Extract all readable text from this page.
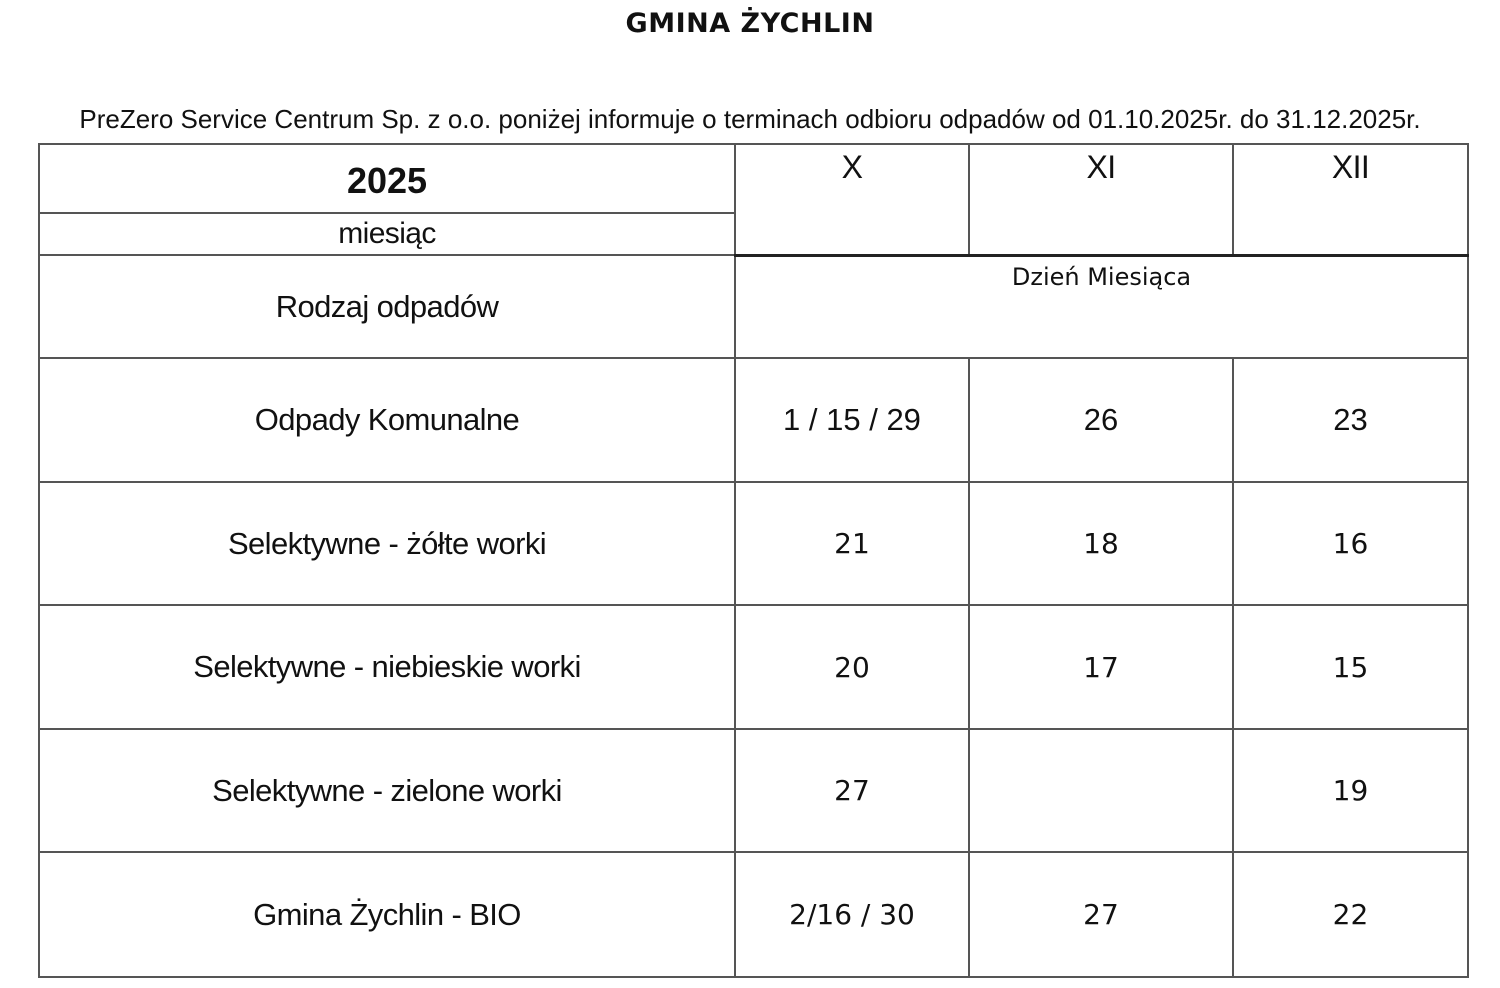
GMINA ŻYCHLIN
PreZero Service Centrum Sp. z o.o. poniżej informuje o terminach odbioru odpadów od 01.10.2025r. do 31.12.2025r.
2025	X	XI	XII
miesiąc			
Rodzaj odpadów	Dzień Miesiąca		
Odpady Komunalne	1 / 15 / 29	26	23
Selektywne - żółte worki	21	18	16
Selektywne - niebieskie worki	20	17	15
Selektywne - zielone worki	27		19
Gmina Żychlin - BIO	2/16 / 30	27	22
